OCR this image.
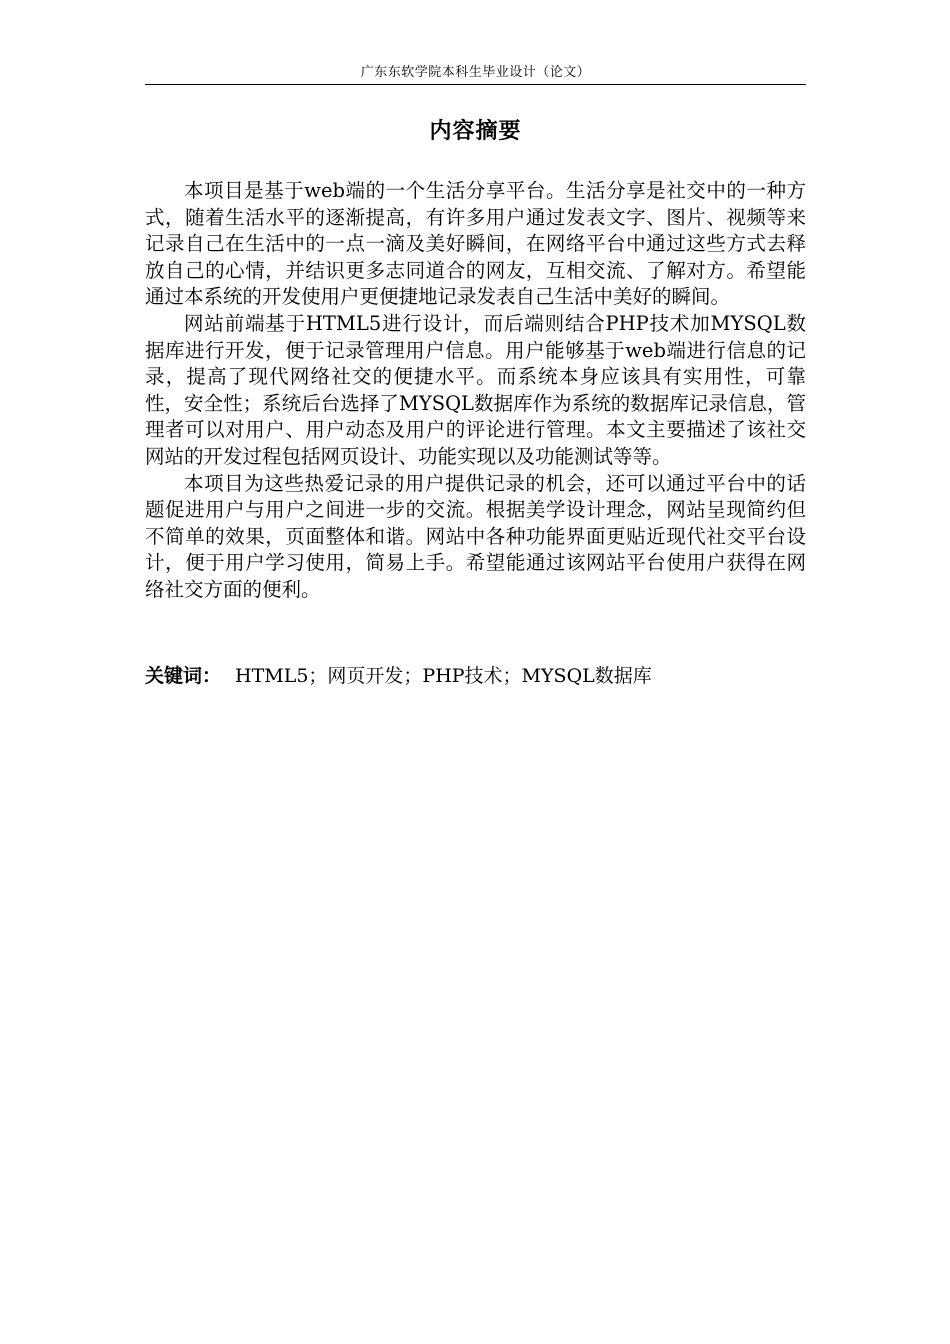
广东东软学院本科生毕业设计（论文）
内容摘要

本项目是基于web端的一个生活分享平台。生活分享是社交中的一种方式，随着生活水平的逐渐提高，有许多用户通过发表文字、图片、视频等来记录自己在生活中的一点一滴及美好瞬间，在网络平台中通过这些方式去释放自己的心情，并结识更多志同道合的网友，互相交流、了解对方。希望能通过本系统的开发使用户更便捷地记录发表自己生活中美好的瞬间。

网站前端基于HTML5进行设计，而后端则结合PHP技术加MYSQL数据库进行开发，便于记录管理用户信息。用户能够基于web端进行信息的记录，提高了现代网络社交的便捷水平。而系统本身应该具有实用性，可靠性，安全性；系统后台选择了MYSQL数据库作为系统的数据库记录信息，管理者可以对用户、用户动态及用户的评论进行管理。本文主要描述了该社交网站的开发过程包括网页设计、功能实现以及功能测试等等。

本项目为这些热爱记录的用户提供记录的机会，还可以通过平台中的话题促进用户与用户之间进一步的交流。根据美学设计理念，网站呈现简约但不简单的效果，页面整体和谐。网站中各种功能界面更贴近现代社交平台设计，便于用户学习使用，简易上手。希望能通过该网站平台使用户获得在网络社交方面的便利。

关键词： HTML5；网页开发；PHP技术；MYSQL数据库
